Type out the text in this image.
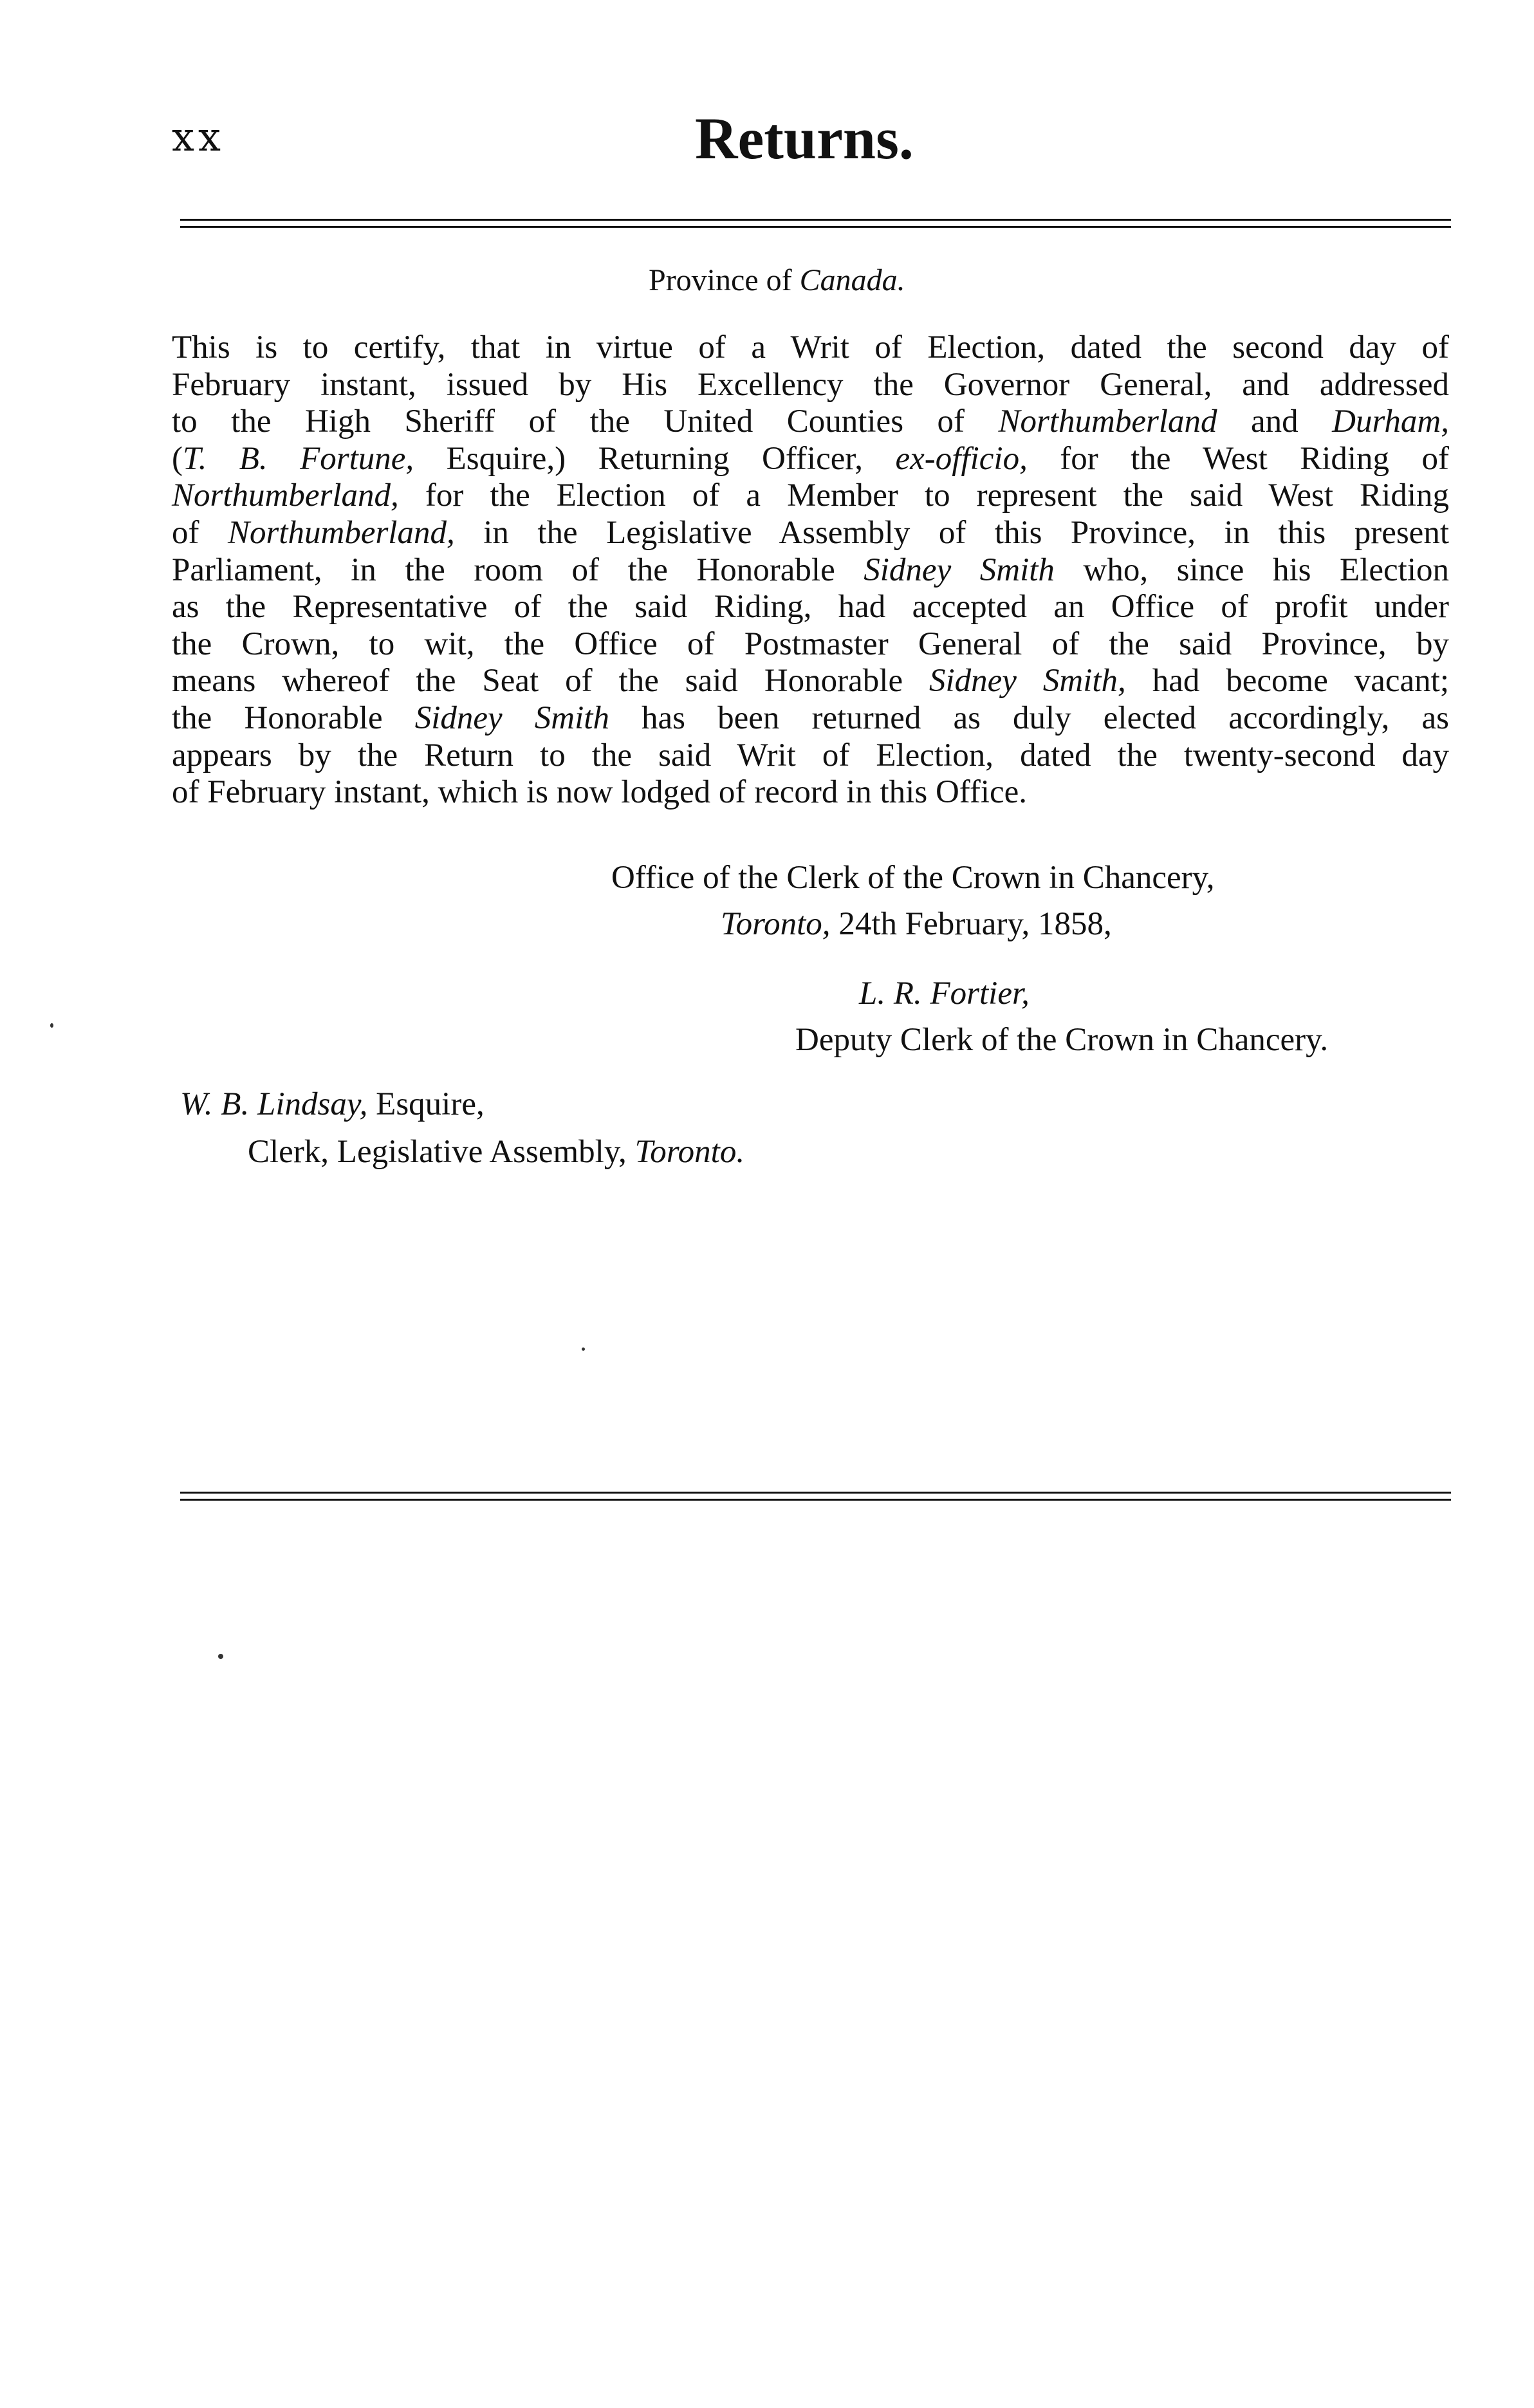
xx	Returns.
Province of Canada.
This is to certify, that in virtue of a Writ of Election, dated the second day of
February instant, issued by His Excellency the Governor General, and addressed
to the High Sheriff of the United Counties of Northumberland and Durham,
(T. B. Fortune, Esquire,) Returning Officer, ex-officio, for the West Riding of
Northumberland, for the Election of a Member to represent the said West Riding
of Northumberland, in the Legislative Assembly of this Province, in this present
Parliament, in the room of the Honorable Sidney Smith who, since his Election
as the Representative of the said Riding, had accepted an Office of profit under
the Crown, to wit, the Office of Postmaster General of the said Province, by
means whereof the Seat of the said Honorable Sidney Smith, had become vacant;
the Honorable Sidney Smith has been returned as duly elected accordingly, as
appears by the Return to the said Writ of Election, dated the twenty-second day
of February instant, which is now lodged of record in this Office.
Office of the Clerk of the Crown in Chancery,
Toronto, 24th February, 1858,
L. R. Fortier,
Deputy Clerk of the Crown in Chancery.
W. B. Lindsay, Esquire,
Clerk, Legislative Assembly, Toronto.
